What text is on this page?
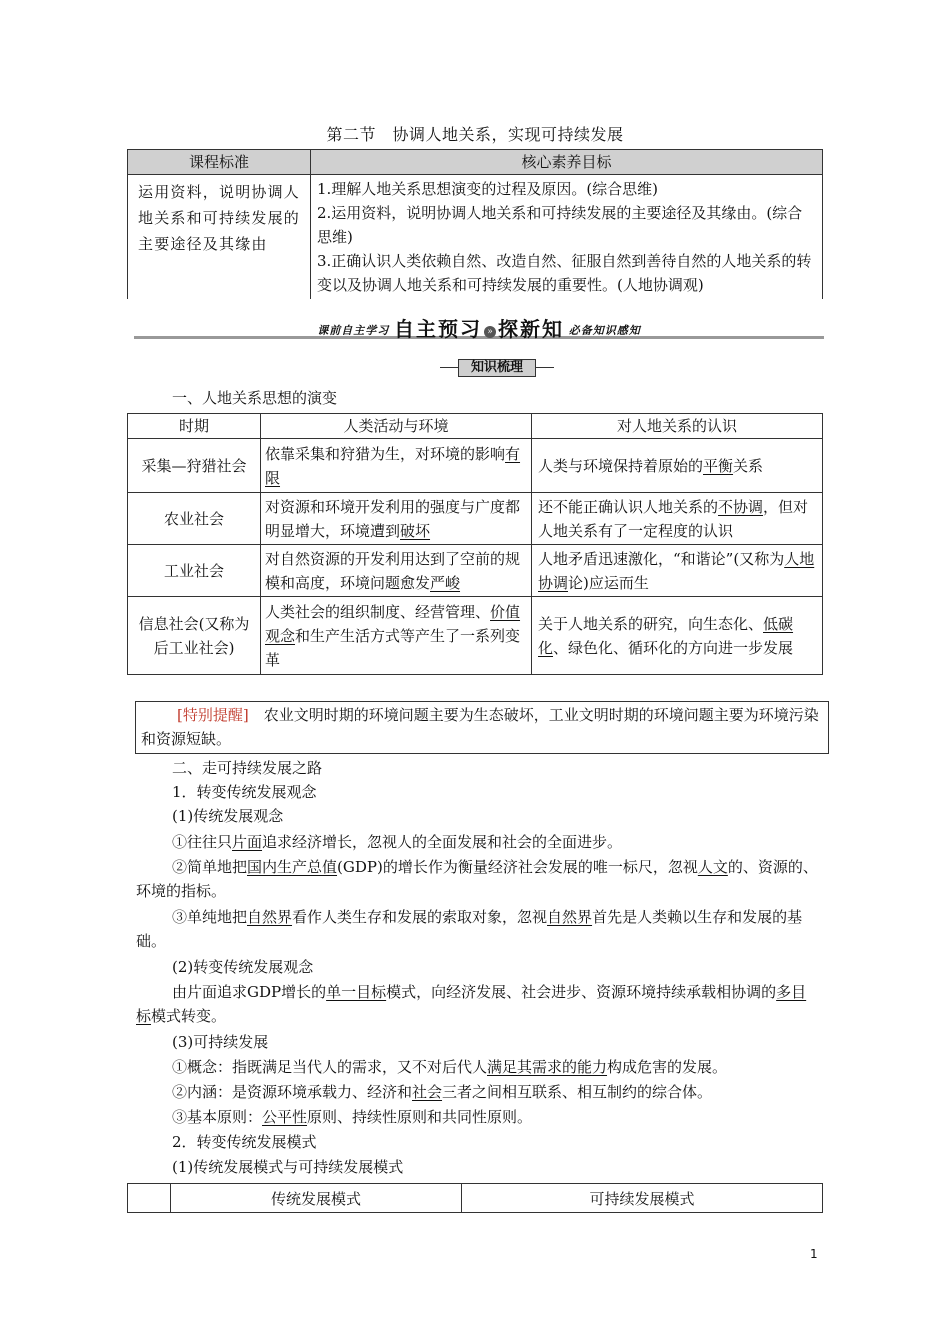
第二节　协调人地关系，实现可持续发展
课程标准	核心素养目标
运用资料，说明协调人地关系和可持续发展的主要途径及其缘由	1.理解人地关系思想演变的过程及原因。(综合思维)
2.运用资料，说明协调人地关系和可持续发展的主要途径及其缘由。(综合思维)
3.正确认识人类依赖自然、改造自然、征服自然到善待自然的人地关系的转变以及协调人地关系和可持续发展的重要性。(人地协调观)
课前自主学习 自主预习 » 探新知 必备知识感知
知识梳理
一、人地关系思想的演变
时期	人类活动与环境	对人地关系的认识
采集—狩猎社会	依靠采集和狩猎为生，对环境的影响有限	人类与环境保持着原始的平衡关系
农业社会	对资源和环境开发利用的强度与广度都明显增大，环境遭到破坏	还不能正确认识人地关系的不协调，但对人地关系有了一定程度的认识
工业社会	对自然资源的开发利用达到了空前的规模和高度，环境问题愈发严峻	人地矛盾迅速激化，“和谐论”(又称为人地协调论)应运而生
信息社会(又称为后工业社会)	人类社会的组织制度、经营管理、价值观念和生产生活方式等产生了一系列变革	关于人地关系的研究，向生态化、低碳化、绿色化、循环化的方向进一步发展
[特别提醒]　农业文明时期的环境问题主要为生态破坏，工业文明时期的环境问题主要为环境污染和资源短缺。
二、走可持续发展之路
1．转变传统发展观念
(1)传统发展观念
①往往只片面追求经济增长，忽视人的全面发展和社会的全面进步。
②简单地把国内生产总值(GDP)的增长作为衡量经济社会发展的唯一标尺，忽视人文的、资源的、环境的指标。
③单纯地把自然界看作人类生存和发展的索取对象，忽视自然界首先是人类赖以生存和发展的基础。
(2)转变传统发展观念
由片面追求GDP增长的单一目标模式，向经济发展、社会进步、资源环境持续承载相协调的多目标模式转变。
(3)可持续发展
①概念：指既满足当代人的需求，又不对后代人满足其需求的能力构成危害的发展。
②内涵：是资源环境承载力、经济和社会三者之间相互联系、相互制约的综合体。
③基本原则：公平性原则、持续性原则和共同性原则。
2．转变传统发展模式
(1)传统发展模式与可持续发展模式
	传统发展模式	可持续发展模式
1
